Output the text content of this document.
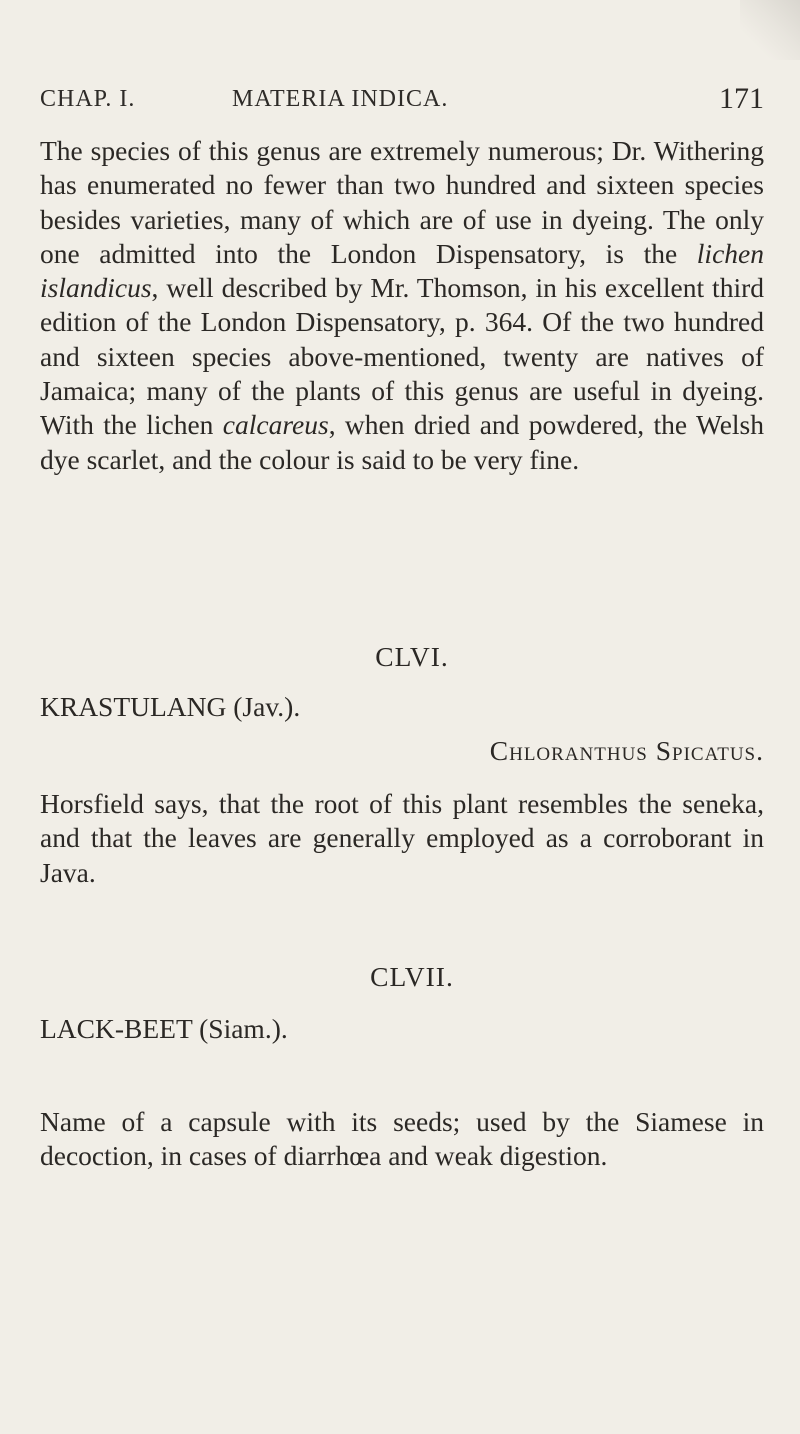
CHAP. I.	MATERIA INDICA.	171

The species of this genus are extremely numerous; Dr. Withering has enumerated no fewer than two hundred and sixteen species besides varieties, many of which are of use in dyeing. The only one admitted into the London Dispensatory, is the lichen islandicus, well described by Mr. Thomson, in his excellent third edition of the London Dispensatory, p. 364. Of the two hundred and sixteen species above-mentioned, twenty are natives of Jamaica; many of the plants of this genus are useful in dyeing. With the lichen calcareus, when dried and powdered, the Welsh dye scarlet, and the colour is said to be very fine.

CLVI.

KRASTULANG (Jav.).

Chloranthus Spicatus.

Horsfield says, that the root of this plant resembles the seneka, and that the leaves are generally employed as a corroborant in Java.

CLVII.

LACK-BEET (Siam.).

Name of a capsule with its seeds; used by the Siamese in decoction, in cases of diarrhœa and weak digestion.
